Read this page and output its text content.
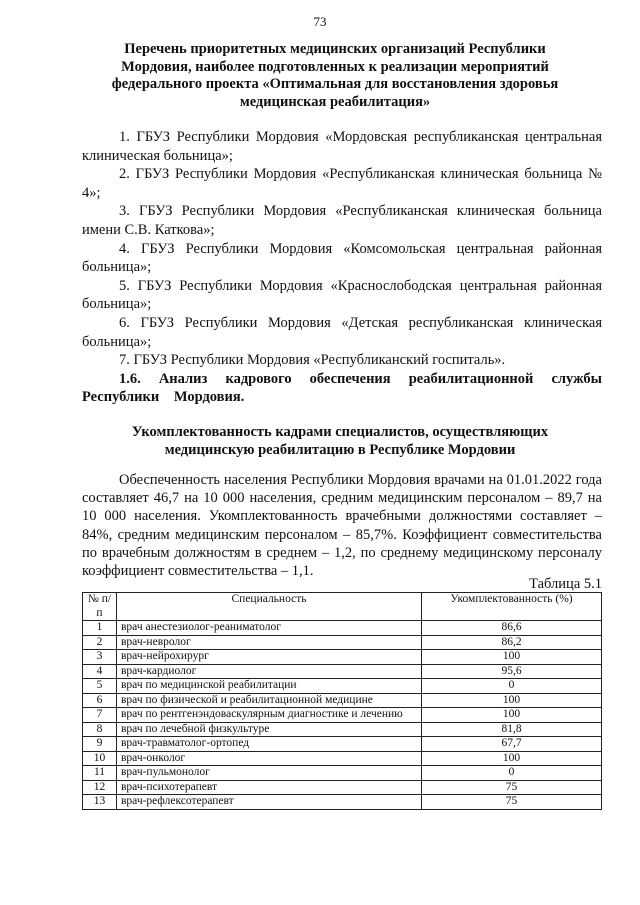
73
Перечень приоритетных медицинских организаций Республики Мордовия, наиболее подготовленных к реализации мероприятий федерального проекта «Оптимальная для восстановления здоровья медицинская реабилитация»

1. ГБУЗ Республики Мордовия «Мордовская республиканская центральная клиническая больница»;

2. ГБУЗ Республики Мордовия «Республиканская клиническая больница № 4»;

3. ГБУЗ Республики Мордовия «Республиканская клиническая больница имени С.В. Каткова»;

4. ГБУЗ Республики Мордовия «Комсомольская центральная районная больница»;

5. ГБУЗ Республики Мордовия «Краснослободская центральная районная больница»;

6. ГБУЗ Республики Мордовия «Детская республиканская клиническая больница»;

7. ГБУЗ Республики Мордовия «Республиканский госпиталь».

1.6. Анализ кадрового обеспечения реабилитационной службы Республики Мордовия.

Укомплектованность кадрами специалистов, осуществляющих медицинскую реабилитацию в Республике Мордовии

Обеспеченность населения Республики Мордовия врачами на 01.01.2022 года составляет 46,7 на 10 000 населения, средним медицинским персоналом – 89,7 на 10 000 населения. Укомплектованность врачебными должностями составляет – 84%, средним медицинским персоналом – 85,7%. Коэффициент совместительства по врачебным должностям в среднем – 1,2, по среднему медицинскому персоналу коэффициент совместительства – 1,1.

Таблица 5.1
№ п/п	Специальность	Укомплектованность (%)
1	врач анестезиолог-реаниматолог	86,6
2	врач-невролог	86,2
3	врач-нейрохирург	100
4	врач-кардиолог	95,6
5	врач по медицинской реабилитации	0
6	врач по физической и реабилитационной медицине	100
7	врач по рентгенэндоваскулярным диагностике и лечению	100
8	врач по лечебной физкультуре	81,8
9	врач-травматолог-ортопед	67,7
10	врач-онколог	100
11	врач-пульмонолог	0
12	врач-психотерапевт	75
13	врач-рефлексотерапевт	75
